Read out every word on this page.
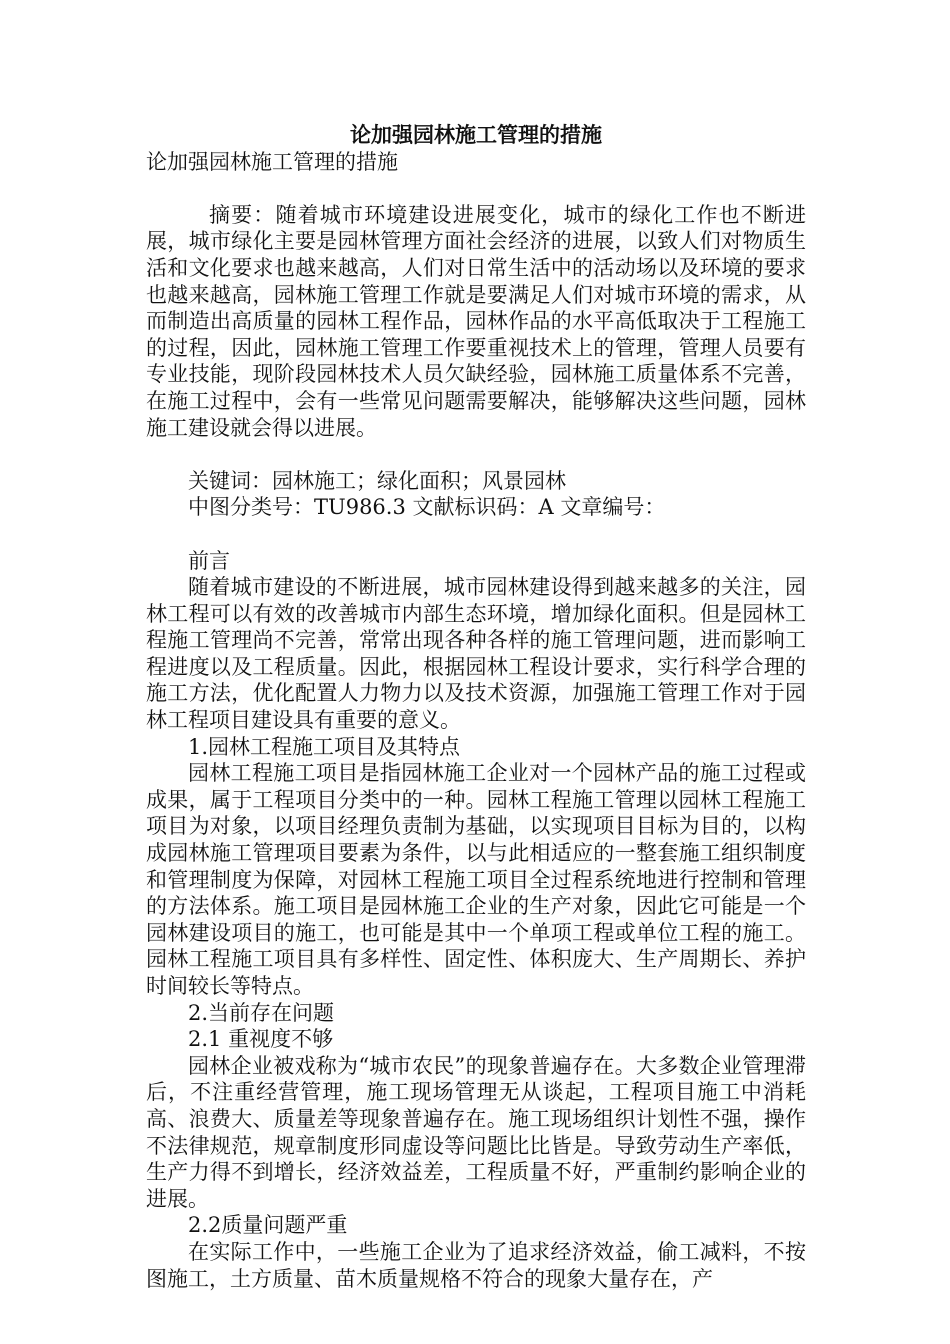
论加强园林施工管理的措施

论加强园林施工管理的措施

摘要：随着城市环境建设进展变化，城市的绿化工作也不断进展，城市绿化主要是园林管理方面社会经济的进展，以致人们对物质生活和文化要求也越来越高，人们对日常生活中的活动场以及环境的要求也越来越高，园林施工管理工作就是要满足人们对城市环境的需求，从而制造出高质量的园林工程作品，园林作品的水平高低取决于工程施工的过程，因此，园林施工管理工作要重视技术上的管理，管理人员要有专业技能，现阶段园林技术人员欠缺经验，园林施工质量体系不完善，在施工过程中，会有一些常见问题需要解决，能够解决这些问题，园林施工建设就会得以进展。

关键词：园林施工；绿化面积；风景园林

中图分类号：TU986.3 文献标识码：A 文章编号：

前言

随着城市建设的不断进展，城市园林建设得到越来越多的关注，园林工程可以有效的改善城市内部生态环境，增加绿化面积。但是园林工程施工管理尚不完善，常常出现各种各样的施工管理问题，进而影响工程进度以及工程质量。因此，根据园林工程设计要求，实行科学合理的施工方法，优化配置人力物力以及技术资源，加强施工管理工作对于园林工程项目建设具有重要的意义。

1.园林工程施工项目及其特点

园林工程施工项目是指园林施工企业对一个园林产品的施工过程或成果，属于工程项目分类中的一种。园林工程施工管理以园林工程施工项目为对象，以项目经理负责制为基础，以实现项目目标为目的，以构成园林施工管理项目要素为条件，以与此相适应的一整套施工组织制度和管理制度为保障，对园林工程施工项目全过程系统地进行控制和管理的方法体系。施工项目是园林施工企业的生产对象，因此它可能是一个园林建设项目的施工，也可能是其中一个单项工程或单位工程的施工。园林工程施工项目具有多样性、固定性、体积庞大、生产周期长、养护时间较长等特点。

2.当前存在问题

2.1 重视度不够

园林企业被戏称为“城市农民”的现象普遍存在。大多数企业管理滞后，不注重经营管理，施工现场管理无从谈起，工程项目施工中消耗高、浪费大、质量差等现象普遍存在。施工现场组织计划性不强，操作不法律规范，规章制度形同虚设等问题比比皆是。导致劳动生产率低，生产力得不到增长，经济效益差，工程质量不好，严重制约影响企业的进展。

2.2质量问题严重

在实际工作中，一些施工企业为了追求经济效益，偷工减料，不按图施工，土方质量、苗木质量规格不符合的现象大量存在，产
